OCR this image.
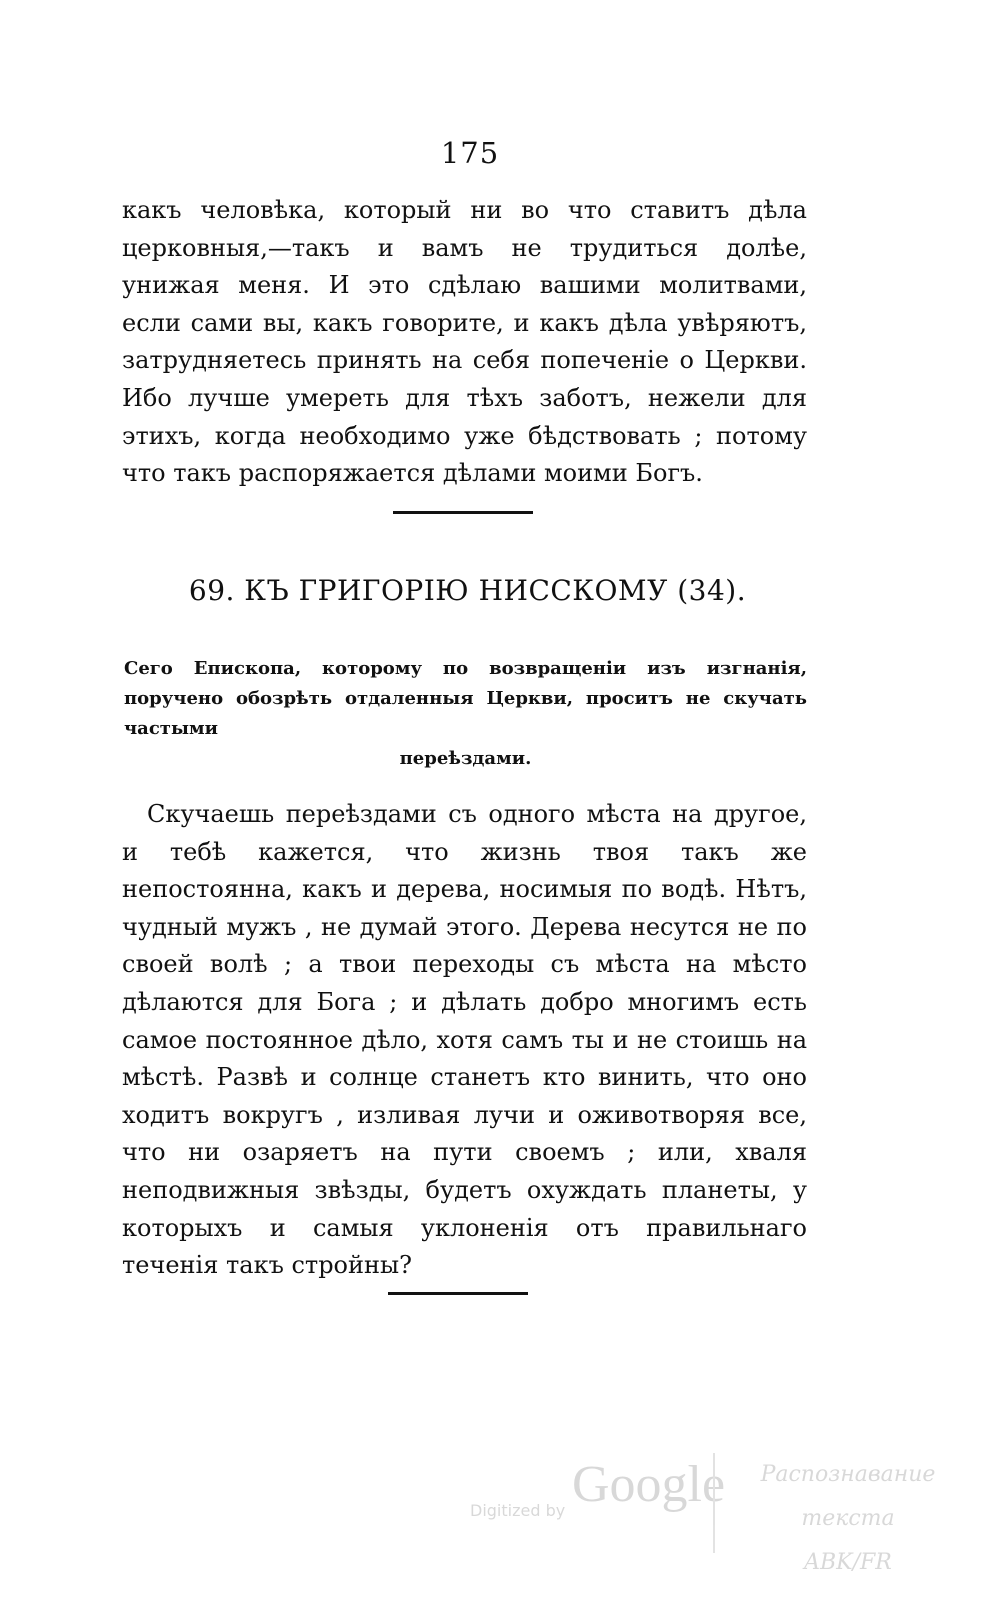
175

какъ человѣка, который ни во что ставитъ дѣла церковныя,—такъ и вамъ не трудиться долѣе, унижая меня. И это сдѣлаю вашими молитвами, если сами вы, какъ говорите, и какъ дѣла увѣряютъ, затрудняетесь принять на себя попеченіе о Церкви. Ибо лучше умереть для тѣхъ заботъ, нежели для этихъ, когда необходимо уже бѣдствовать ; потому что такъ распоряжается дѣлами моими Богъ.

69. КЪ ГРИГОРІЮ НИССКОМУ (34).

Сего Епископа, которому по возвращеніи изъ изгнанія, поручено обозрѣть отдаленныя Церкви, проситъ не скучать частыми
переѣздами.

Скучаешь переѣздами съ одного мѣста на другое, и тебѣ кажется, что жизнь твоя такъ же непостоянна, какъ и дерева, носимыя по водѣ. Нѣтъ, чудный мужъ , не думай этого. Дерева несутся не по своей волѣ ; а твои переходы съ мѣста на мѣсто дѣлаются для Бога ; и дѣлать добро многимъ есть самое постоянное дѣло, хотя самъ ты и не стоишь на мѣстѣ. Развѣ и солнце станетъ кто винить, что оно ходитъ вокругъ , изливая лучи и оживотворяя все, что ни озаряетъ на пути своемъ ; или, хваля неподвижныя звѣзды, будетъ охуждать планеты, у которыхъ и самыя уклоненія отъ правильнаго теченія такъ стройны?

Digitized by Google	Распознавание текста
ABK/FR
